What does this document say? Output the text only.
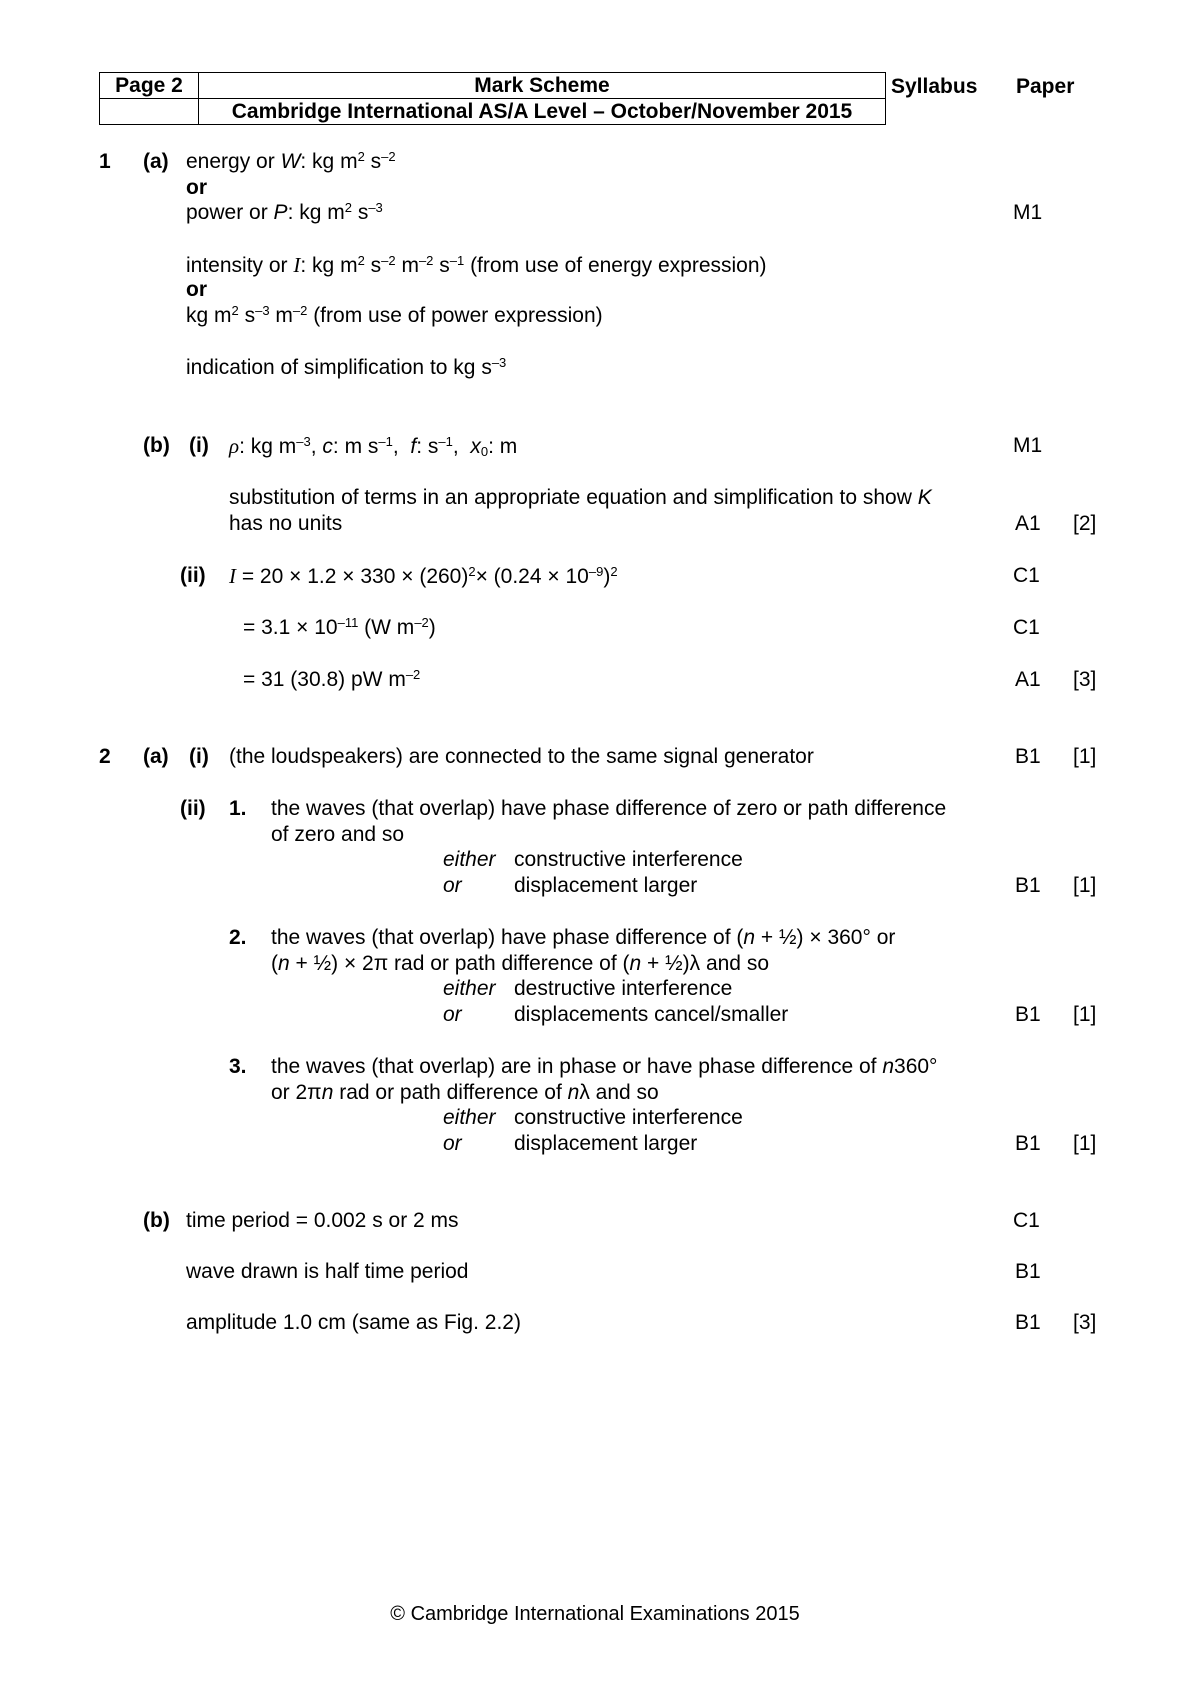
Page 2	Mark Scheme
	Cambridge International AS/A Level – October/November 2015
Syllabus Paper
1 (a) energy or W: kg $m^2$ $s^{-2}$
or
power or P: kg $m^2$ $s^{-3}$	M1
intensity or I: kg $m^2$ $s^{-2}$ $m^{-2}$ $s^{-1}$ (from use of energy expression)
or
kg $m^2$ $s^{-3}$ $m^{-2}$ (from use of power expression)
indication of simplification to kg $s^{-3}$
(b) (i) ρ: kg $m^{-3}$, c: m $s^{-1}$,  f: $s^{-1}$,  $x_0$: m	M1
substitution of terms in an appropriate equation and simplification to show K
has no units	A1 [2]
(ii) $I = 20 \times 1.2 \times 330 \times (260)^2\times (0.24 \times 10^{-9})^2$	C1
= $3.1 \times 10^{-11}$ (W $m^{-2}$)	C1
= 31 (30.8) pW $m^{-2}$	A1 [3]
2 (a) (i) (the loudspeakers) are connected to the same signal generator	B1 [1]
(ii) 1. the waves (that overlap) have phase difference of zero or path difference
of zero and so
either constructive interference
or displacement larger	B1 [1]
2. the waves (that overlap) have phase difference of (n + ½) × 360° or
(n + ½) × 2π rad or path difference of (n + ½)λ and so
either destructive interference
or displacements cancel/smaller	B1 [1]
3. the waves (that overlap) are in phase or have phase difference of n360°
or 2πn rad or path difference of nλ and so
either constructive interference
or displacement larger	B1 [1]
(b) time period = 0.002 s or 2 ms	C1
wave drawn is half time period	B1
amplitude 1.0 cm (same as Fig. 2.2)	B1 [3]
© Cambridge International Examinations 2015
